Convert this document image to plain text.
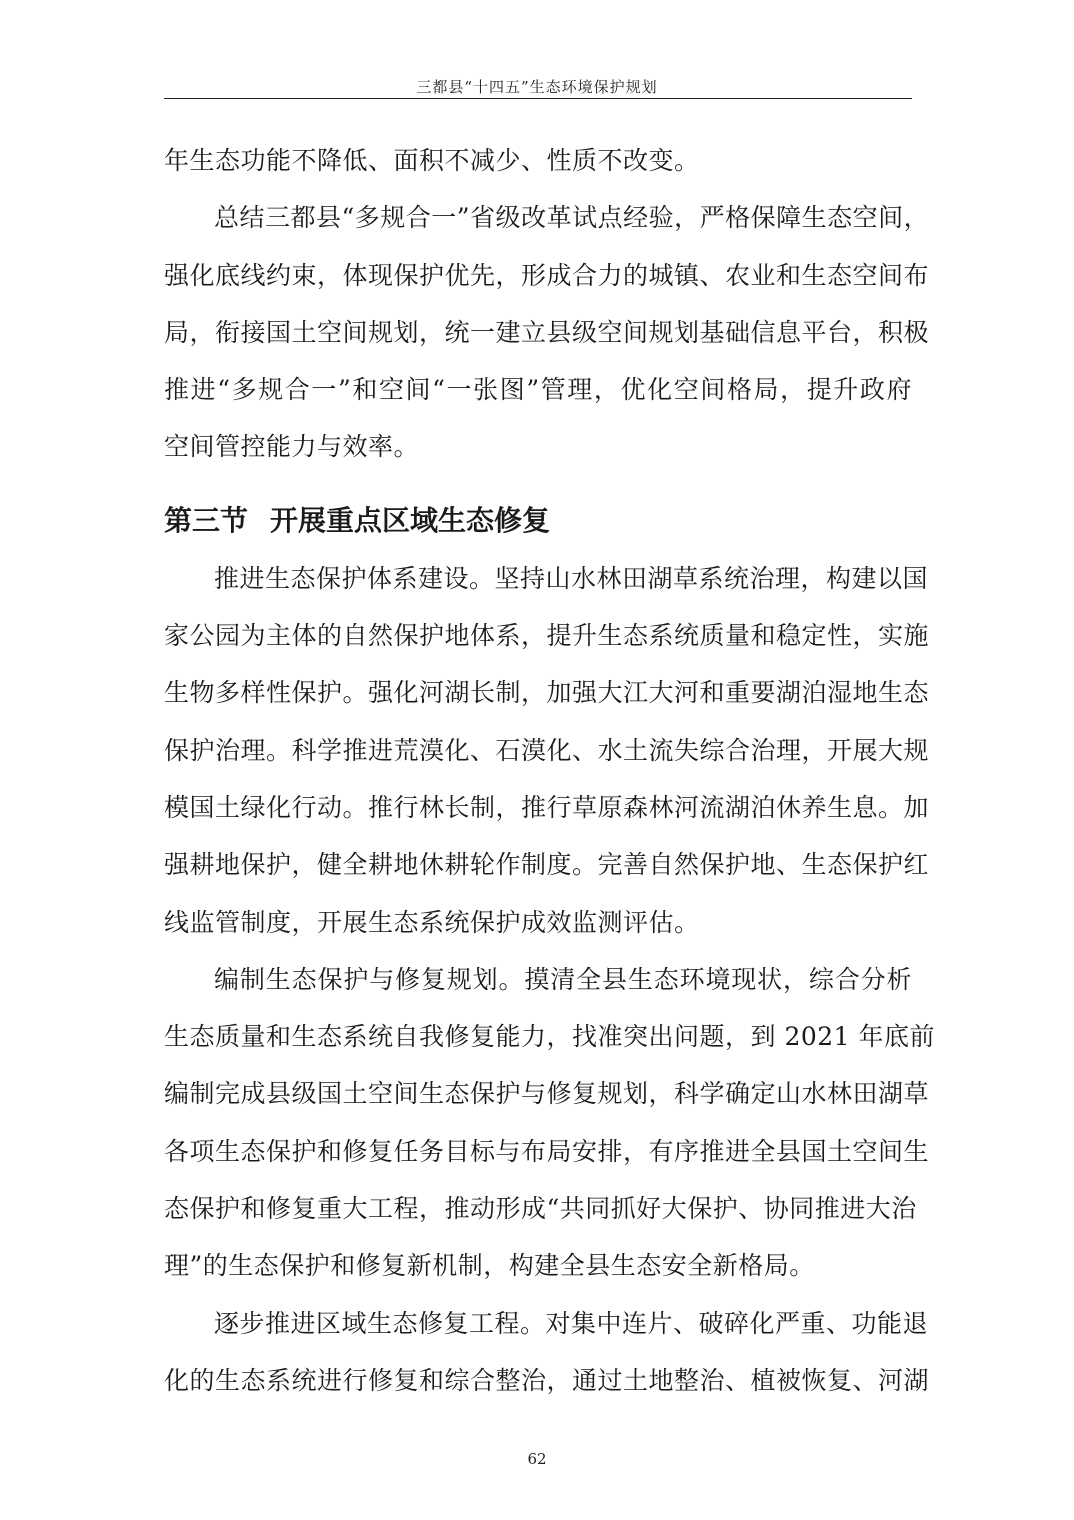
三都县“十四五”生态环境保护规划
年生态功能不降低、面积不减少、性质不改变。
总结三都县“多规合一”省级改革试点经验，严格保障生态空间，
强化底线约束，体现保护优先，形成合力的城镇、农业和生态空间布
局，衔接国土空间规划，统一建立县级空间规划基础信息平台，积极
推进“多规合一”和空间“一张图”管理，优化空间格局，提升政府
空间管控能力与效率。
第三节 开展重点区域生态修复
推进生态保护体系建设。坚持山水林田湖草系统治理，构建以国
家公园为主体的自然保护地体系，提升生态系统质量和稳定性，实施
生物多样性保护。强化河湖长制，加强大江大河和重要湖泊湿地生态
保护治理。科学推进荒漠化、石漠化、水土流失综合治理，开展大规
模国土绿化行动。推行林长制，推行草原森林河流湖泊休养生息。加
强耕地保护，健全耕地休耕轮作制度。完善自然保护地、生态保护红
线监管制度，开展生态系统保护成效监测评估。
编制生态保护与修复规划。摸清全县生态环境现状，综合分析
生态质量和生态系统自我修复能力，找准突出问题，到 2021 年底前
编制完成县级国土空间生态保护与修复规划，科学确定山水林田湖草
各项生态保护和修复任务目标与布局安排，有序推进全县国土空间生
态保护和修复重大工程，推动形成“共同抓好大保护、协同推进大治
理”的生态保护和修复新机制，构建全县生态安全新格局。
逐步推进区域生态修复工程。对集中连片、破碎化严重、功能退
化的生态系统进行修复和综合整治，通过土地整治、植被恢复、河湖
62
